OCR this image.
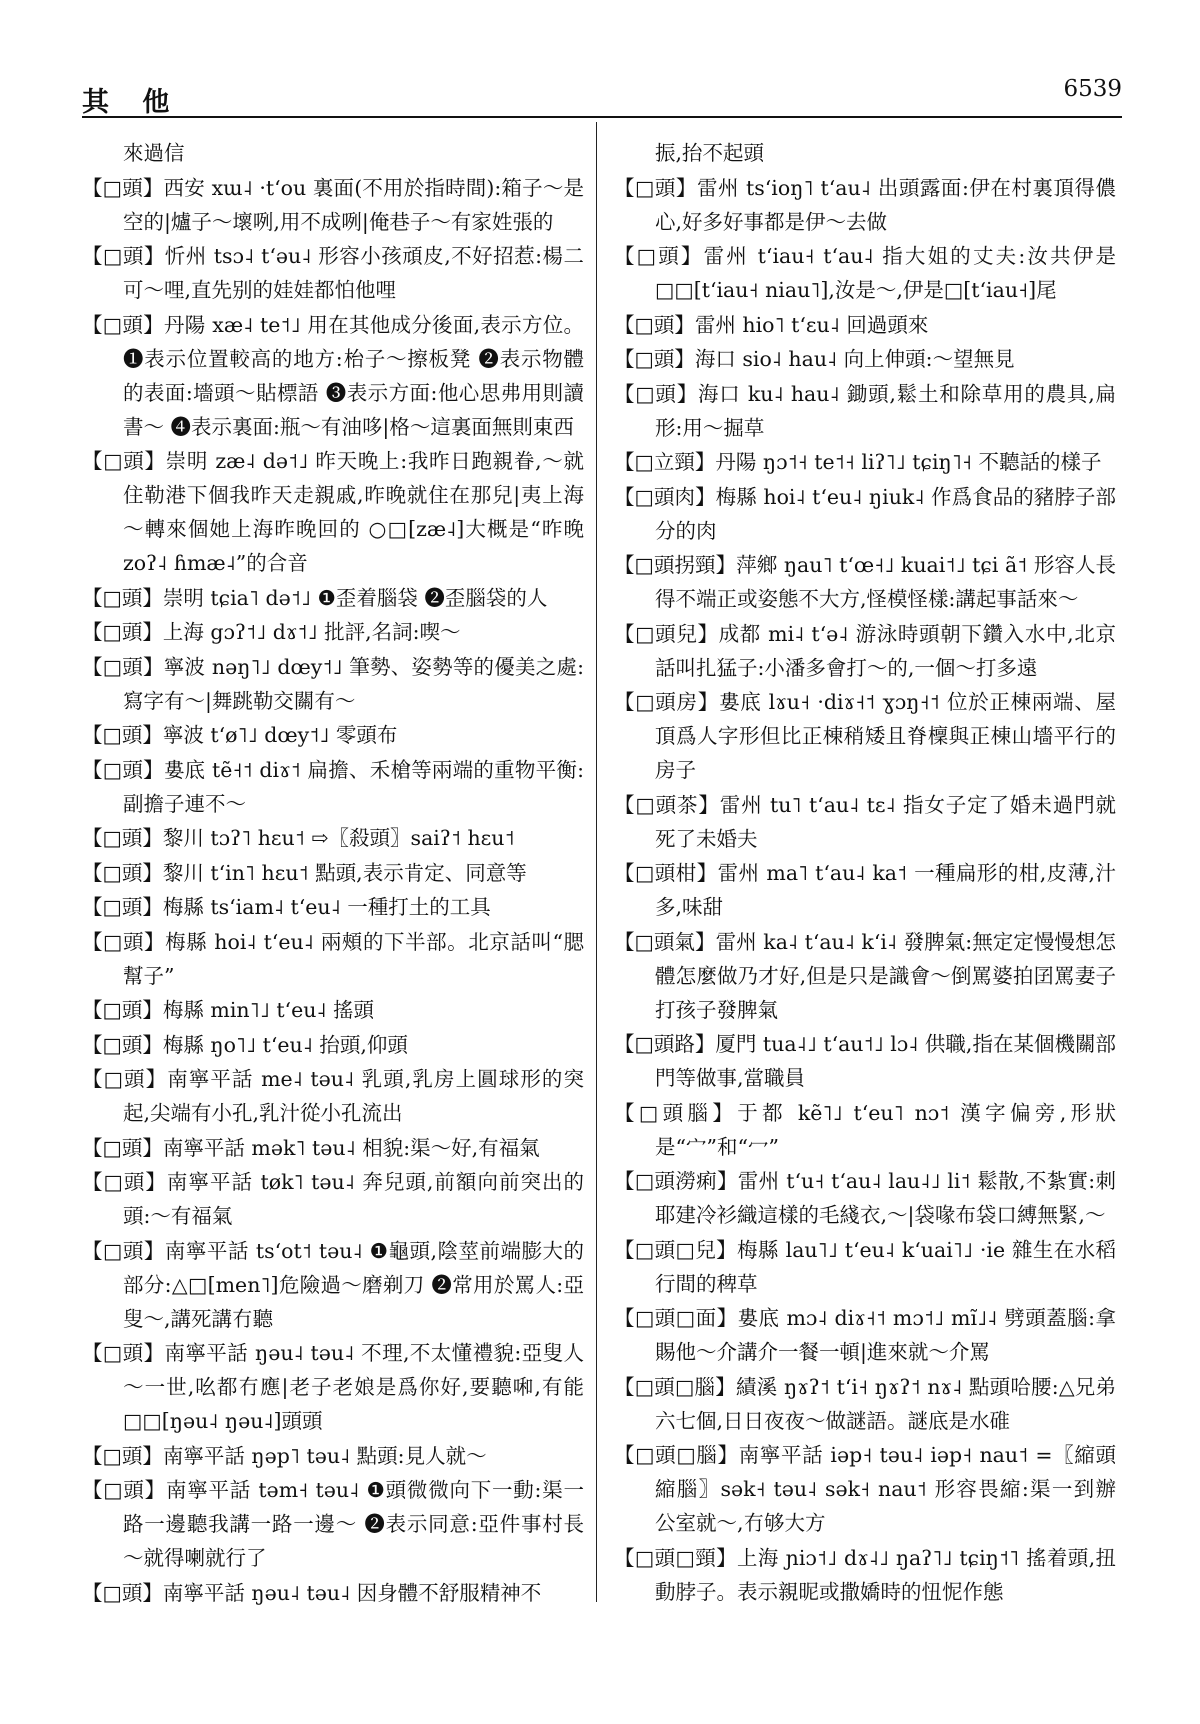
其 他	6539

來過信

【□頭】西安 xɯ˨ ·tʻou 裏面(不用於指時間):箱子～是空的|爐子～壞咧,用不成咧|俺巷子～有家姓張的

【□頭】忻州 tsɔ˨ tʻəu˨ 形容小孩頑皮,不好招惹:楊二可～哩,直先别的娃娃都怕他哩

【□頭】丹陽 xæ˨ te˦˩ 用在其他成分後面,表示方位。❶表示位置較高的地方:枱子～擦板凳 ❷表示物體的表面:墻頭～貼標語 ❸表示方面:他心思弗用則讀書～ ❹表示裏面:瓶～有油哆|格～這裏面無則東西

【□頭】崇明 zæ˨ də˦˩ 昨天晚上:我昨日跑親眷,～就住勒港下個我昨天走親戚,昨晚就住在那兒|夷上海～轉來個她上海昨晚回的 ○□[zæ˨]大概是“昨晚 zoʔ˨ ɦmæ˨”的合音

【□頭】崇明 tɕia˥ də˦˩ ❶歪着腦袋 ❷歪腦袋的人

【□頭】上海 gɔʔ˦˩ dɤ˦˩ 批評,名詞:喫～

【□頭】寧波 nəŋ˥˩ dœy˦˩ 筆勢、姿勢等的優美之處:寫字有～|舞跳勒交關有～

【□頭】寧波 tʻø˥˩ dœy˦˩ 零頭布

【□頭】婁底 tẽ˧˦ diɤ˦ 扁擔、禾槍等兩端的重物平衡:副擔子連不～

【□頭】黎川 tɔʔ˥ hɛu˦ ⇨〖殺頭〗saiʔ˦ hɛu˦

【□頭】黎川 tʻin˥ hɛu˦ 點頭,表示肯定、同意等

【□頭】梅縣 tsʻiam˨ tʻeu˨ 一種打土的工具

【□頭】梅縣 hoi˨ tʻeu˨ 兩頰的下半部。北京話叫“腮幫子”

【□頭】梅縣 min˥˩ tʻeu˨ 搖頭

【□頭】梅縣 ŋo˥˩ tʻeu˨ 抬頭,仰頭

【□頭】南寧平話 me˨ təu˨ 乳頭,乳房上圓球形的突起,尖端有小孔,乳汁從小孔流出

【□頭】南寧平話 mək˥ təu˨ 相貌:渠～好,有福氣

【□頭】南寧平話 tøk˥ təu˨ 奔兒頭,前額向前突出的頭:～有福氣

【□頭】南寧平話 tsʻot˦ təu˨ ❶龜頭,陰莖前端膨大的部分:△□[men˥]危險過～磨剃刀 ❷常用於罵人:亞叟～,講死講冇聽

【□頭】南寧平話 ŋəu˨ təu˨ 不理,不太懂禮貌:亞叟人～一世,吆都冇應|老子老娘是爲你好,要聽啝,有能□□[ŋəu˨ ŋəu˨]頭頭

【□頭】南寧平話 ŋəp˥ təu˨ 點頭:見人就～

【□頭】南寧平話 təm˧ təu˨ ❶頭微微向下一動:渠一路一邊聽我講一路一邊～ ❷表示同意:亞件事村長～就得喇就行了

【□頭】南寧平話 ŋəu˨ təu˨ 因身體不舒服精神不

振,抬不起頭

【□頭】雷州 tsʻioŋ˥ tʻau˨ 出頭露面:伊在村裏頂得儂心,好多好事都是伊～去做

【□頭】雷州 tʻiau˧ tʻau˨ 指大姐的丈夫:汝共伊是□□[tʻiau˧ niau˥],汝是～,伊是□[tʻiau˧]尾

【□頭】雷州 hio˥ tʻɛu˨ 回過頭來

【□頭】海口 sio˨ hau˨ 向上伸頭:～望無見

【□頭】海口 ku˨ hau˨ 鋤頭,鬆土和除草用的農具,扁形:用～掘草

【□立頸】丹陽 ŋɔ˦˧ te˦˧ liʔ˥˩ tɕiŋ˥˧ 不聽話的樣子

【□頭肉】梅縣 hoi˨ tʻeu˨ ŋiuk˨ 作爲食品的豬脖子部分的肉

【□頭拐頸】萍鄉 ŋau˥ tʻœ˧˩ kuai˦˩ tɕi ã˦ 形容人長得不端正或姿態不大方,怪模怪樣:講起事話來～

【□頭兒】成都 mi˨ tʻə˨ 游泳時頭朝下鑽入水中,北京話叫扎猛子:小潘多會打～的,一個～打多遠

【□頭房】婁底 lɤu˧ ·diɤ˧˦ ɣɔŋ˧˦ 位於正棟兩端、屋頂爲人字形但比正棟稍矮且脊檁與正棟山墻平行的房子

【□頭茶】雷州 tu˥ tʻau˨ tɛ˨ 指女子定了婚未過門就死了未婚夫

【□頭柑】雷州 ma˥ tʻau˨ ka˦ 一種扁形的柑,皮薄,汁多,味甜

【□頭氣】雷州 ka˨ tʻau˨ kʻi˨ 發脾氣:無定定慢慢想怎體怎麼做乃才好,但是只是識會～倒罵婆拍囝罵妻子打孩子發脾氣

【□頭路】厦門 tua˨˩ tʻau˦˩ lɔ˨ 供職,指在某個機關部門等做事,當職員

【□頭腦】于都 kẽ˥˩ tʻeu˥ nɔ˦ 漢字偏旁,形狀是“宀”和“冖”

【□頭澇痢】雷州 tʻu˧ tʻau˨ lau˨˩ li˦ 鬆散,不紮實:刺耶建冷衫織這樣的毛綫衣,～|袋喙布袋口縛無緊,～

【□頭□兒】梅縣 lau˥˩ tʻeu˨ kʻuai˥˩ ·ie 雜生在水稻行間的稗草

【□頭□面】婁底 mɔ˨ diɤ˧˦ mɔ˦˩ mĩ˩˨ 劈頭蓋腦:拿賜他～介講介一餐一頓|進來就～介罵

【□頭□腦】績溪 ŋɤʔ˦ tʻi˧ ŋɤʔ˦ nɤ˨ 點頭哈腰:△兄弟六七個,日日夜夜～做謎語。謎底是水碓

【□頭□腦】南寧平話 iəp˧ təu˨ iəp˧ nau˦ =〖縮頭縮腦〗sək˧ təu˨ sək˧ nau˦ 形容畏縮:渠一到辦公室就～,冇够大方

【□頭□頸】上海 ɲiɔ˦˩ dɤ˨˩ ŋaʔ˥˩ tɕiŋ˦˥ 搖着頭,扭動脖子。表示親昵或撒嬌時的忸怩作態
